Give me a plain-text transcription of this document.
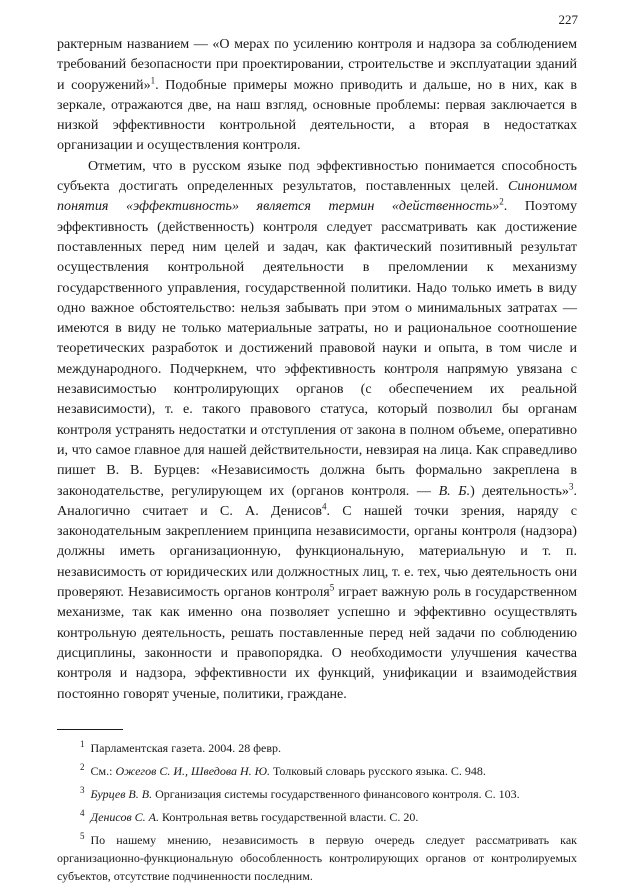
227

рактерным названием — «О мерах по усилению контроля и надзора за соблюдением требований безопасности при проектировании, строительстве и эксплуатации зданий и сооружений»$^1$. Подобные примеры можно приводить и дальше, но в них, как в зеркале, отражаются две, на наш взгляд, основные проблемы: первая заключается в низкой эффективности контрольной деятельности, а вторая в недостатках организации и осуществления контроля.

Отметим, что в русском языке под эффективностью понимается способность субъекта достигать определенных результатов, поставленных целей. Синонимом понятия «эффективность» является термин «действенность»$^2$. Поэтому эффективность (действенность) контроля следует рассматривать как достижение поставленных перед ним целей и задач, как фактический позитивный результат осуществления контрольной деятельности в преломлении к механизму государственного управления, государственной политики. Надо только иметь в виду одно важное обстоятельство: нельзя забывать при этом о минимальных затратах — имеются в виду не только материальные затраты, но и рациональное соотношение теоретических разработок и достижений правовой науки и опыта, в том числе и международного. Подчеркнем, что эффективность контроля напрямую увязана с независимостью контролирующих органов (с обеспечением их реальной независимости), т. е. такого правового статуса, который позволил бы органам контроля устранять недостатки и отступления от закона в полном объеме, оперативно и, что самое главное для нашей действительности, невзирая на лица. Как справедливо пишет В. В. Бурцев: «Независимость должна быть формально закреплена в законодательстве, регулирующем их (органов контроля. — В. Б.) деятельность»$^3$. Аналогично считает и С. А. Денисов$^4$. С нашей точки зрения, наряду с законодательным закреплением принципа независимости, органы контроля (надзора) должны иметь организационную, функциональную, материальную и т. п. независимость от юридических или должностных лиц, т. е. тех, чью деятельность они проверяют. Независимость органов контроля$^5$ играет важную роль в государственном механизме, так как именно она позволяет успешно и эффективно осуществлять контрольную деятельность, решать поставленные перед ней задачи по соблюдению дисциплины, законности и правопорядка. О необходимости улучшения качества контроля и надзора, эффективности их функций, унификации и взаимодействия постоянно говорят ученые, политики, граждане.

1 Парламентская газета. 2004. 28 февр.

2 См.: Ожегов С. И., Шведова Н. Ю. Толковый словарь русского языка. С. 948.

3 Бурцев В. В. Организация системы государственного финансового контроля. С. 103.

4 Денисов С. А. Контрольная ветвь государственной власти. С. 20.

5 По нашему мнению, независимость в первую очередь следует рассматривать как организационно-функциональную обособленность контролирующих органов от контролируемых субъектов, отсутствие подчиненности последним.
